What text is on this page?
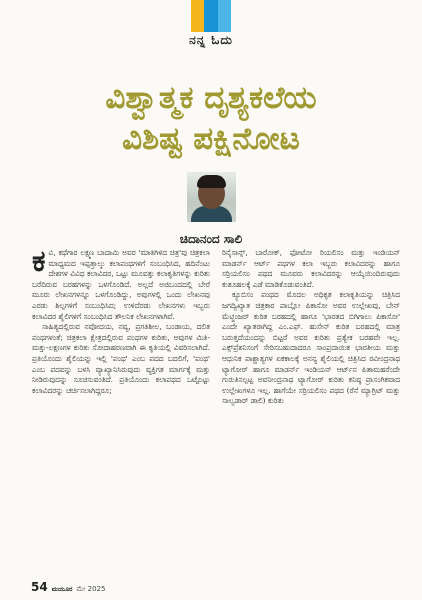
ನನ್ನ ಓದು
ವಿಶ್ವಾತ್ಮಕ ದೃಶ್ಯಕಲೆಯ
ವಿಶಿಷ್ಟ ಪಕ್ಷಿನೋಟ
ಚಿದಾನಂದ ಸಾಲಿ

ಕವಿ, ಕಥೆಗಾರ ಲಕ್ಷ್ಮಣ ಬಾದಾಮಿ ಅವರ 'ಮಾತಿಗಿಳಿದ ಚಿತ್ರ'ವು ಚಿತ್ರಕಲಾ ಮಾಧ್ಯಮದ ಇಪ್ಪತ್ತಾಲ್ಕು ಕಲಾಪಂಥಗಳಿಗೆ ಸಂಬಂಧಿಸಿದ, ಹದಿನೆಂಟು ದೇಶಗಳ ವಿವಿಧ ಕಲಾವಿದರ, ಒಟ್ಟು ಮೂವತ್ತು ಕಲಾಕೃತಿಗಳನ್ನು ಕುರಿತು ಬರೆದಿರುವ ಬರಹಗಳನ್ನು ಒಳಗೊಂಡಿದೆ. ಅಲ್ಲದೆ ಅಜಿಬಂದದಲ್ಲಿ ಬೇರೆ ಮೂರು ಲೇಖನಗಳನ್ನೂ ಒಳಗೊಂಡಿದ್ದು, ಅವುಗಳಲ್ಲಿ ಒಂದು ಲೇಖನವು ಎರಡು ಶಿಲ್ಪಗಳಿಗೆ ಸಂಬಂಧಿಸಿದ; ಉಳಿದೆರಡು ಲೇಖನಗಳು ಇಬ್ಬರು ಕಲಾವಿದರ ಶೈಲಿಗಳಿಗೆ ಸಂಬಂಧಿಸಿದ ತೌಲನಿಕ ಲೇಖನಗಳಾಗಿವೆ.

ಸಾಹಿತ್ಯದಲ್ಲಿರುವ ನವೋದಯ, ನವ್ಯ, ಪ್ರಗತಿಶೀಲ, ಬಂಡಾಯ, ದಲಿತ ಪಂಥಗಳಂತೆ; ಚಿತ್ರಕಲಾ ಕ್ಷೇತ್ರದಲ್ಲಿರುವ ಪಂಥಗಳ ಕುರಿತು, ಅವುಗಳ ಮಿತಿ-ಮತ್ತು-ಲಕ್ಷಣಗಳ ಕುರಿತು ಸೋದಾಹರಣವಾಗಿ ಈ ಕೃತಿಯಲ್ಲಿ ವಿವರಿಸಲಾಗಿದೆ. ಪ್ರತಿಯೊಂದು ಶೈಲಿಯನ್ನು ಇಲ್ಲಿ 'ಪಂಥ' ಎಂಬ ಪದದ ಬದಲಿಗೆ, 'ಪಂಥ' ಎಂಬ ಪದವನ್ನು ಬಳಸಿ ವ್ಯಾಖ್ಯಾನಿಸಿರುವುದು ವ್ಯಕ್ತಿಗತ ಮಾರ್ಗಕ್ಕೆ ಮತ್ತು ನೀಡಿರುವುದನ್ನು ಸೂಚಿಸುವಂತಿದೆ. ಪ್ರತಿಯೊಂದು ಕಲಾಪಥದ ಒಟ್ಟೊಟ್ಟು ಕಲಾವಿದರನ್ನು ಚರ್ಚಿಸಲಾಗಿದ್ದರೂ;

ರಿನೈಸಾನ್ಸ್, ಬಾರೋಕ್, ಫೋಟೋ ರಿಯಲಿಸಂ ಮತ್ತು ಇಂಡಿಯನ್ ಮಾಡರ್ನ್ ಆರ್ಟ್ ಪಥಗಳ ಕಲಾ ಇಬ್ಬರು ಕಲಾವಿದರನ್ನು ಹಾಗೂ ಸರ್ರಿಯಲಿಸಂ ಪಥದ ಮೂವರು ಕಲಾವಿದರನ್ನು ಆಯ್ಕೆಯಿಂದಿರುವುದು ಕುತೂಹಲಕ್ಕೆ ಎಡೆ ಮಾಡಿಕೊಡುವಂತಿದೆ.

ಕ್ಯೂಬಿಸಂ ಪಂಥದ ಮೊದಲ ಅಧಿಕೃತ ಕಲಾಕೃತಿಯನ್ನು ಚಿತ್ರಿಸಿದ ಜಗದ್ವಿಖ್ಯಾತ ಚಿತ್ರಕಾರ ಪಾಬ್ಲೋ ಪಿಕಾಸೋ ಅವರ ಉಲ್ಲೇಖವು, ಬೇನ್ ಮೆಟ್ಜಿಂಜರ್ ಕುರಿತ ಬರಹದಲ್ಲಿ ಹಾಗೂ 'ಭಾರತದ ಬಿಗಿಗಾಲು ಪಿಕಾಸೋ' ಎಂದೇ ಖ್ಯಾತರಾಗಿದ್ದ ಎಂ.ಎಫ್. ಹುಸೇನ್ ಕುರಿತ ಬರಹದಲ್ಲಿ ಮಾತ್ರ ಬರುತ್ತದೆಯಂದನ್ನು ಬಿಟ್ಟರೆ ಅವರ ಕುರಿತು ಪ್ರತ್ಯೇಕ ಬರಹವೇ ಇಲ್ಲ. ಎಕ್ಸ್‌ಪ್ರೆಶನಿಸಂಗೆ ಸೇರಿಸಬಹುದಾದರೂ ಸಾಂಪ್ರದಾಯಿಕ ಭಾರತೀಯ ಮತ್ತು ಆಧುನಿಕ ಪಾಶ್ಚಾತ್ಯಗಳ ಏಕಕಾಲಕ್ಕೆ ಅನನ್ಯ ಶೈಲಿಯಲ್ಲಿ ಚಿತ್ರಿಸಿದ ರವೀಂದ್ರನಾಥ ಟ್ಯಾಗೋರ್ ಹಾಗೂ ಮಾಡರ್ನ್ ಇಂಡಿಯನ್ ಆರ್ಟ್‌ನ ಪಿತಾಮಹರೆಂದೇ ಗುರುತಿಸಲ್ಪಟ್ಟ ಅವನೀಂದ್ರನಾಥ ಟ್ಯಾಗೋರ್ ಕುರಿತು ಕನಿಷ್ಠ ಪ್ರಾಸಂಗಿಕವಾದ ಉಲ್ಲೇಖಗಳೂ ಇಲ್ಲ. ಹಾಗೆಯೇ ಸರ್ರಿಯಲಿಸಂ ಪಥದ (ರೆನೆ ಮ್ಯಾಗ್ರಿಟ್ ಮತ್ತು ಸಾಲ್ವಡಾರ್ ಡಾಲಿ) ಕುರಿತು

54 ಮಯೂರ ಮೇ 2025
